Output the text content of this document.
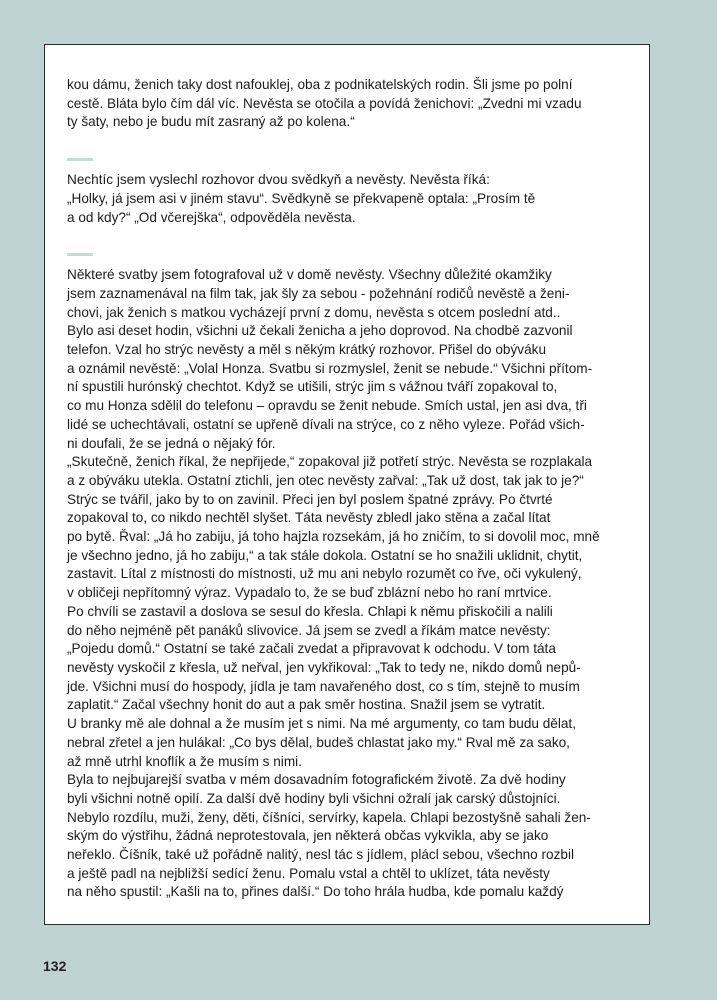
kou dámu, ženich taky dost nafouklej, oba z podnikatelských rodin. Šli jsme po polní
cestě. Bláta bylo čím dál víc. Nevěsta se otočila a povídá ženichovi: „Zvedni mi vzadu
ty šaty, nebo je budu mít zasraný až po kolena.“
Nechtíc jsem vyslechl rozhovor dvou svědkyň a nevěsty. Nevěsta říká:
„Holky, já jsem asi v jiném stavu“. Svědkyně se překvapeně optala: „Prosím tě
a od kdy?“ „Od včerejška“, odpověděla nevěsta.
Některé svatby jsem fotografoval už v domě nevěsty. Všechny důležité okamžiky
jsem zaznamenával na film tak, jak šly za sebou - požehnání rodičů nevěstě a ženi-
chovi, jak ženich s matkou vycházejí první z domu, nevěsta s otcem poslední atd..
Bylo asi deset hodin, všichni už čekali ženicha a jeho doprovod. Na chodbě zazvonil
telefon. Vzal ho strýc nevěsty a měl s někým krátký rozhovor. Přišel do obýváku
a oznámil nevěstě: „Volal Honza. Svatbu si rozmyslel, ženit se nebude.“ Všichni přítom-
ní spustili hurónský chechtot. Když se utišili, strýc jim s vážnou tváří zopakoval to,
co mu Honza sdělil do telefonu – opravdu se ženit nebude. Smích ustal, jen asi dva, tři
lidé se uchechtávali, ostatní se upřeně dívali na strýce, co z něho vyleze. Pořád všich-
ni doufali, že se jedná o nějaký fór.
„Skutečně, ženich říkal, že nepřijede,“ zopakoval již potřetí strýc. Nevěsta se rozplakala
a z obýváku utekla. Ostatní ztichli, jen otec nevěsty zařval: „Tak už dost, tak jak to je?“
Strýc se tvářil, jako by to on zavinil. Přeci jen byl poslem špatné zprávy. Po čtvrté
zopakoval to, co nikdo nechtěl slyšet. Táta nevěsty zbledl jako stěna a začal lítat
po bytě. Řval: „Já ho zabiju, já toho hajzla rozsekám, já ho zničím, to si dovolil moc, mně
je všechno jedno, já ho zabiju,“ a tak stále dokola. Ostatní se ho snažili uklidnit, chytit,
zastavit. Lítal z místnosti do místnosti, už mu ani nebylo rozumět co řve, oči vykulený,
v obličeji nepřítomný výraz. Vypadalo to, že se buď zblázní nebo ho raní mrtvice.
Po chvíli se zastavil a doslova se sesul do křesla. Chlapi k němu přiskočili a nalili
do něho nejméně pět panáků slivovice. Já jsem se zvedl a říkám matce nevěsty:
„Pojedu domů.“ Ostatní se také začali zvedat a připravovat k odchodu. V tom táta
nevěsty vyskočil z křesla, už neřval, jen vykřikoval: „Tak to tedy ne, nikdo domů nepů-
jde. Všichni musí do hospody, jídla je tam navařeného dost, co s tím, stejně to musím
zaplatit.“ Začal všechny honit do aut a pak směr hostina. Snažil jsem se vytratit.
U branky mě ale dohnal a že musím jet s nimi. Na mé argumenty, co tam budu dělat,
nebral zřetel a jen hulákal: „Co bys dělal, budeš chlastat jako my.“ Rval mě za sako,
až mně utrhl knoflík a že musím s nimi.
Byla to nejbujarejší svatba v mém dosavadním fotografickém životě. Za dvě hodiny
byli všichni notně opilí. Za další dvě hodiny byli všichni ožralí jak carský důstojníci.
Nebylo rozdílu, muži, ženy, děti, číšníci, servírky, kapela. Chlapi bezostyšně sahali žen-
ským do výstřihu, žádná neprotestovala, jen některá občas vykvikla, aby se jako
neřeklo. Číšník, také už pořádně nalitý, nesl tác s jídlem, plácl sebou, všechno rozbil
a ještě padl na nejbližší sedící ženu. Pomalu vstal a chtěl to uklízet, táta nevěsty
na něho spustil: „Kašli na to, přines další.“ Do toho hrála hudba, kde pomalu každý
132
